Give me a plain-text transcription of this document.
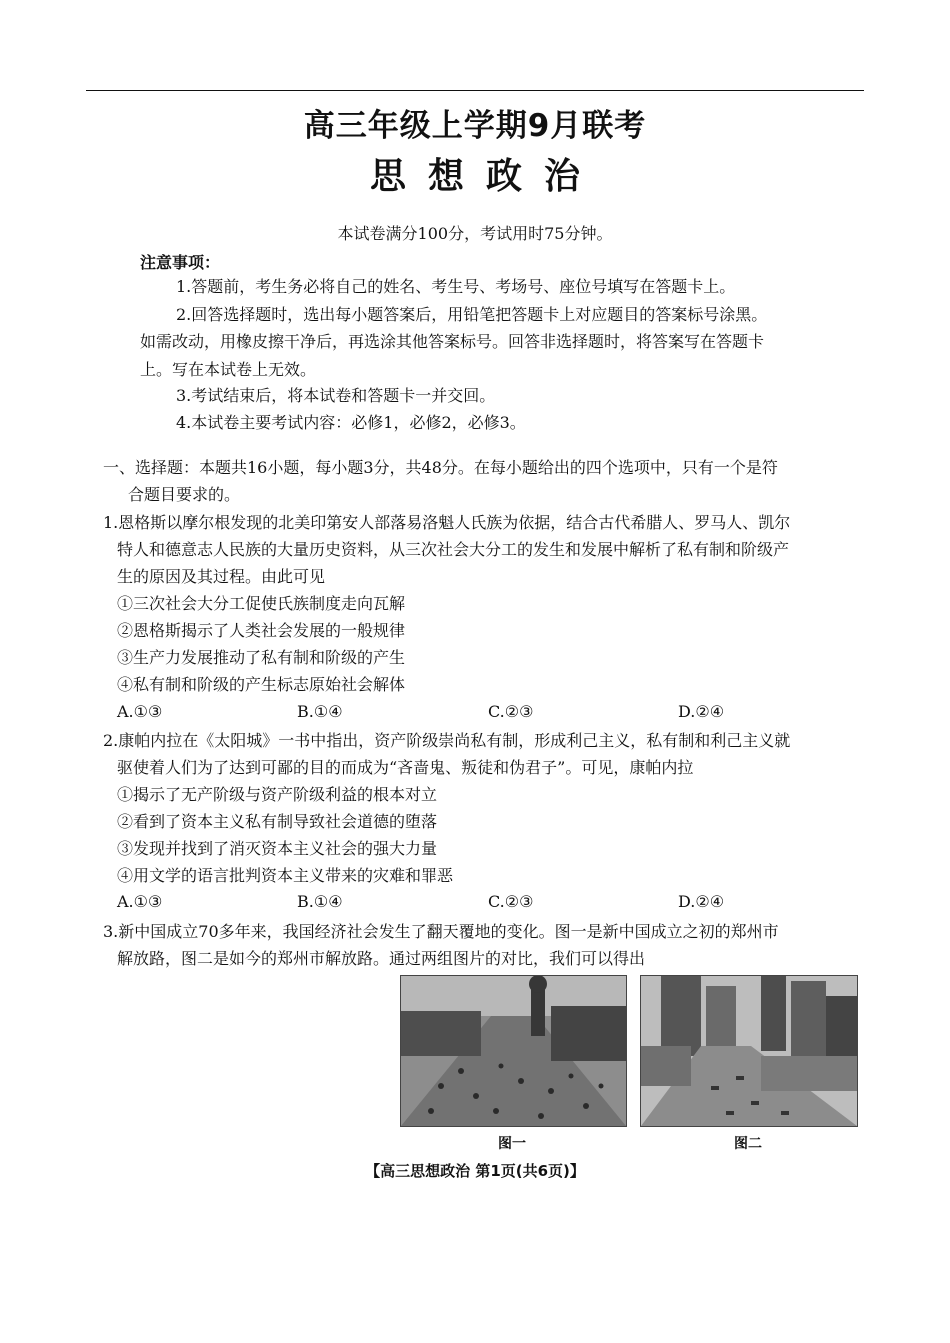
高三年级上学期9月联考
思想政治
本试卷满分100分，考试用时75分钟。
注意事项：
1.答题前，考生务必将自己的姓名、考生号、考场号、座位号填写在答题卡上。
2.回答选择题时，选出每小题答案后，用铅笔把答题卡上对应题目的答案标号涂黑。
如需改动，用橡皮擦干净后，再选涂其他答案标号。回答非选择题时，将答案写在答题卡
上。写在本试卷上无效。
3.考试结束后，将本试卷和答题卡一并交回。
4.本试卷主要考试内容：必修1，必修2，必修3。
一、选择题：本题共16小题，每小题3分，共48分。在每小题给出的四个选项中，只有一个是符
合题目要求的。
1.恩格斯以摩尔根发现的北美印第安人部落易洛魁人氏族为依据，结合古代希腊人、罗马人、凯尔
特人和德意志人民族的大量历史资料，从三次社会大分工的发生和发展中解析了私有制和阶级产
生的原因及其过程。由此可见
①三次社会大分工促使氏族制度走向瓦解
②恩格斯揭示了人类社会发展的一般规律
③生产力发展推动了私有制和阶级的产生
④私有制和阶级的产生标志原始社会解体
A.①③	B.①④	C.②③	D.②④
2.康帕内拉在《太阳城》一书中指出，资产阶级崇尚私有制，形成利己主义，私有制和利己主义就
驱使着人们为了达到可鄙的目的而成为“吝啬鬼、叛徒和伪君子”。可见，康帕内拉
①揭示了无产阶级与资产阶级利益的根本对立
②看到了资本主义私有制导致社会道德的堕落
③发现并找到了消灭资本主义社会的强大力量
④用文学的语言批判资本主义带来的灾难和罪恶
A.①③	B.①④	C.②③	D.②④
3.新中国成立70多年来，我国经济社会发生了翻天覆地的变化。图一是新中国成立之初的郑州市
解放路，图二是如今的郑州市解放路。通过两组图片的对比，我们可以得出
图一	图二
【高三思想政治 第1页(共6页)】
